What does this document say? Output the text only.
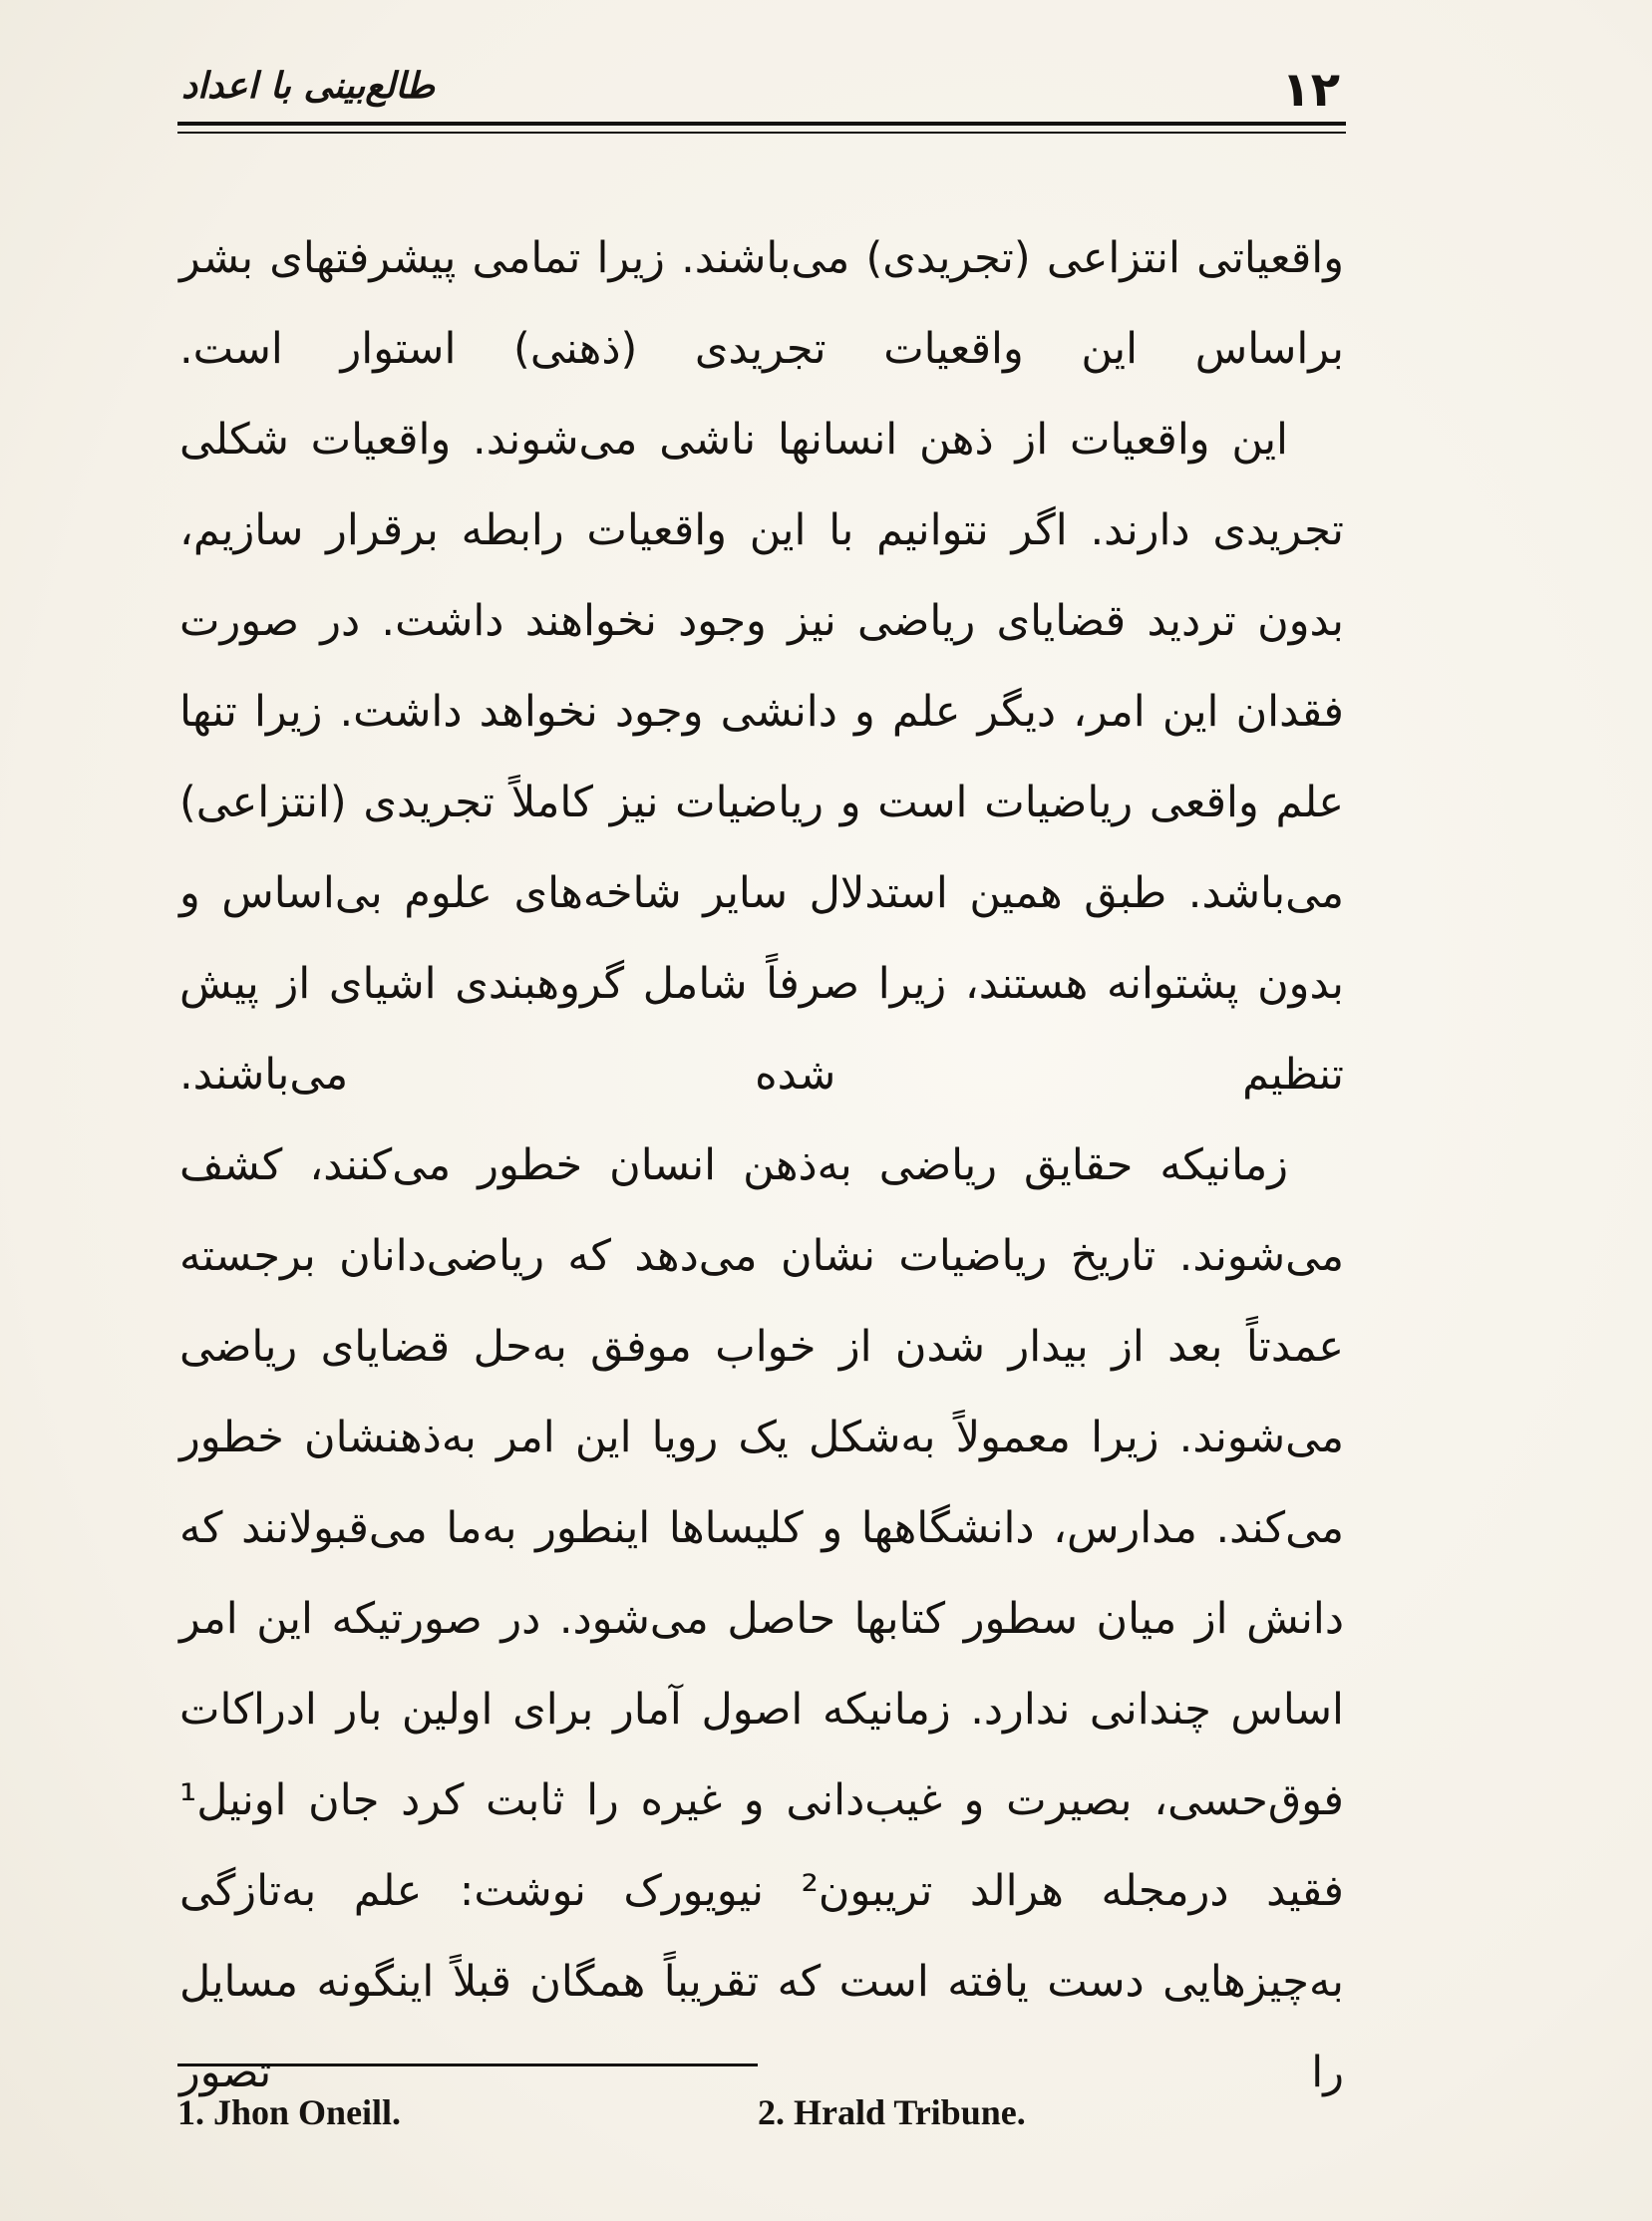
طالع‌بینی با اعداد	۱۲

واقعیاتی انتزاعی (تجریدی) می‌باشند. زیرا تمامی پیشرفتهای بشر براساس این واقعیات تجریدی (ذهنی) استوار است.

این واقعیات از ذهن انسانها ناشی می‌شوند. واقعیات شکلی تجریدی دارند. اگر نتوانیم با این واقعیات رابطه برقرار سازیم، بدون تردید قضایای ریاضی نیز وجود نخواهند داشت. در صورت فقدان این امر، دیگر علم و دانشی وجود نخواهد داشت. زیرا تنها علم واقعی ریاضیات است و ریاضیات نیز کاملاً تجریدی (انتزاعی) می‌باشد. طبق همین استدلال سایر شاخه‌های علوم بی‌اساس و بدون پشتوانه هستند، زیرا صرفاً شامل گروهبندی اشیای از پیش تنظیم شده می‌باشند.

زمانیکه حقایق ریاضی به‌ذهن انسان خطور می‌کنند، کشف می‌شوند. تاریخ ریاضیات نشان می‌دهد که ریاضی‌دانان برجسته عمدتاً بعد از بیدار شدن از خواب موفق به‌حل قضایای ریاضی می‌شوند. زیرا معمولاً به‌شکل یک رویا این امر به‌ذهنشان خطور می‌کند. مدارس، دانشگاهها و کلیساها اینطور به‌ما می‌قبولانند که دانش از میان سطور کتابها حاصل می‌شود. در صورتیکه این امر اساس چندانی ندارد. زمانیکه اصول آمار برای اولین بار ادراکات فوق‌حسی، بصیرت و غیب‌دانی و غیره را ثابت کرد جان اونیل¹ فقید درمجله هرالد تریبون² نیویورک نوشت: علم به‌تازگی به‌چیزهایی دست یافته است که تقریباً همگان قبلاً اینگونه مسایل را تصور

1. Jhon Oneill.	2. Hrald Tribune.
